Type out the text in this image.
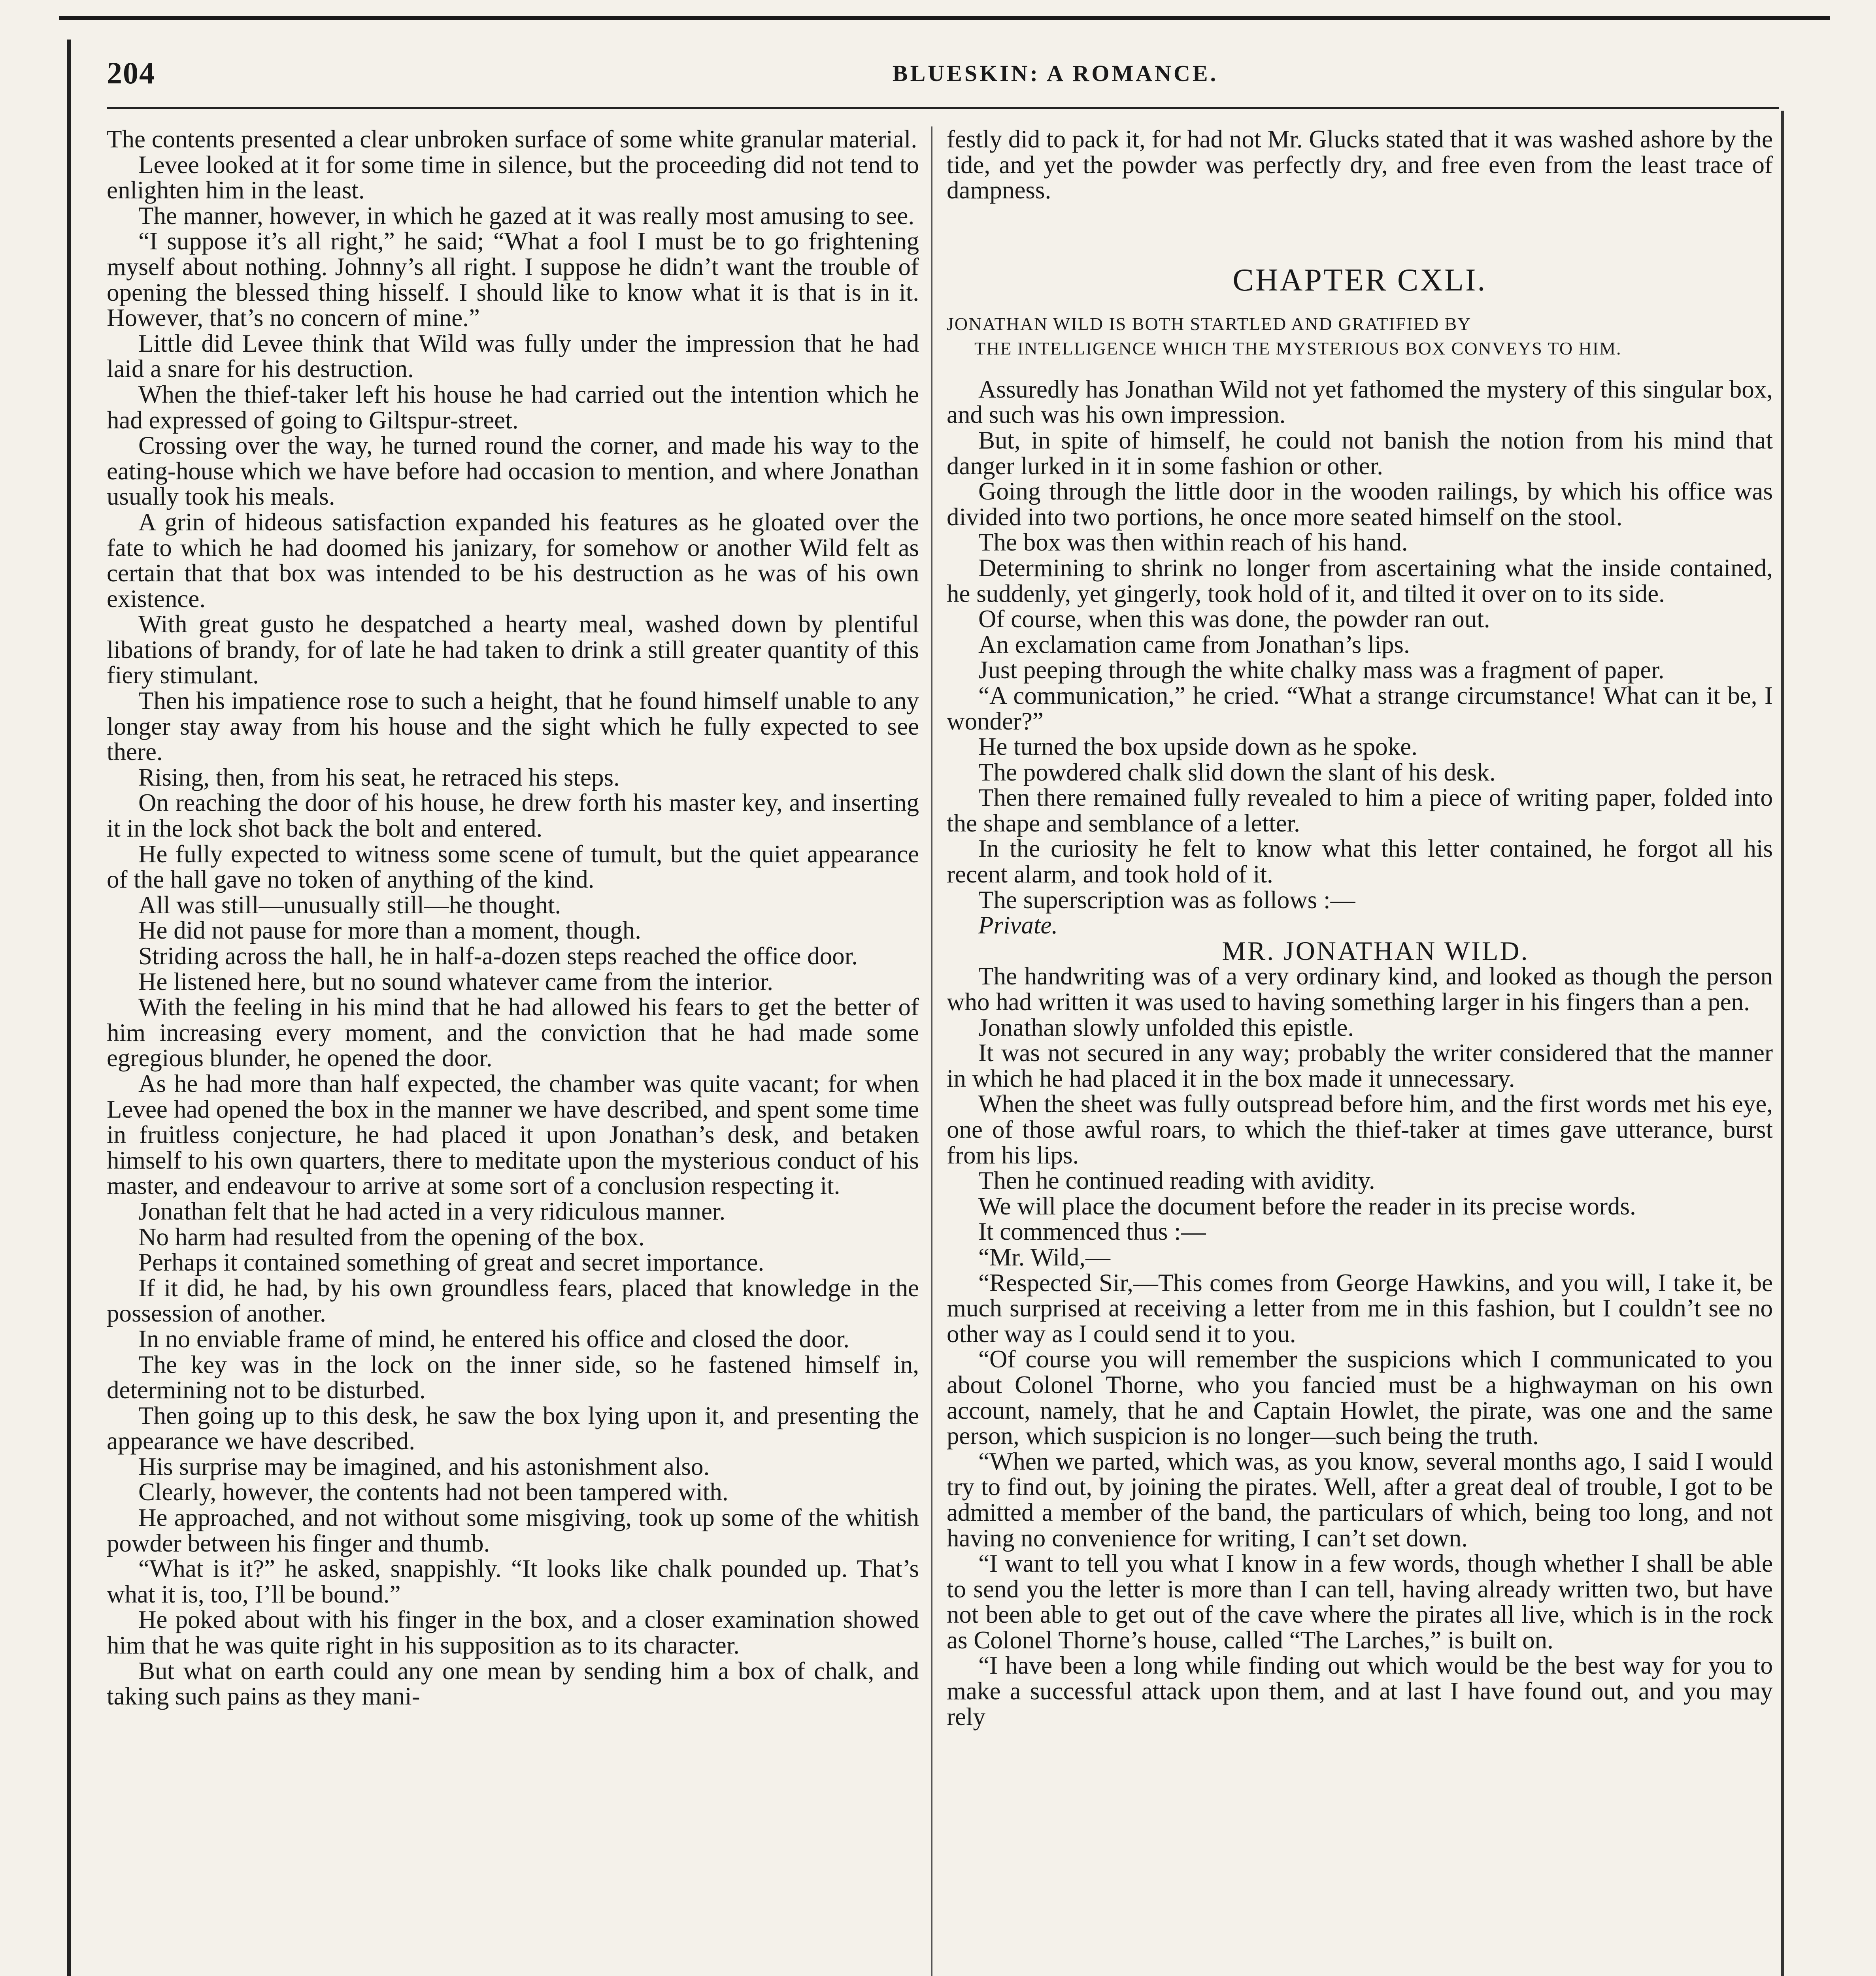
204	BLUESKIN: A ROMANCE.

The contents presented a clear unbroken surface of some white granular material.

Levee looked at it for some time in silence, but the proceeding did not tend to enlighten him in the least.

The manner, however, in which he gazed at it was really most amusing to see.

“I suppose it’s all right,” he said; “What a fool I must be to go frightening myself about nothing. Johnny’s all right. I suppose he didn’t want the trouble of opening the blessed thing hisself. I should like to know what it is that is in it. However, that’s no concern of mine.”

Little did Levee think that Wild was fully under the impression that he had laid a snare for his destruction.

When the thief-taker left his house he had carried out the intention which he had expressed of going to Giltspur-street.

Crossing over the way, he turned round the corner, and made his way to the eating-house which we have before had occasion to mention, and where Jonathan usually took his meals.

A grin of hideous satisfaction expanded his features as he gloated over the fate to which he had doomed his janizary, for somehow or another Wild felt as certain that that box was intended to be his destruction as he was of his own existence.

With great gusto he despatched a hearty meal, washed down by plentiful libations of brandy, for of late he had taken to drink a still greater quantity of this fiery stimulant.

Then his impatience rose to such a height, that he found himself unable to any longer stay away from his house and the sight which he fully expected to see there.

Rising, then, from his seat, he retraced his steps.

On reaching the door of his house, he drew forth his master key, and inserting it in the lock shot back the bolt and entered.

He fully expected to witness some scene of tumult, but the quiet appearance of the hall gave no token of anything of the kind.

All was still—unusually still—he thought.

He did not pause for more than a moment, though.

Striding across the hall, he in half-a-dozen steps reached the office door.

He listened here, but no sound whatever came from the interior.

With the feeling in his mind that he had allowed his fears to get the better of him increasing every moment, and the conviction that he had made some egregious blunder, he opened the door.

As he had more than half expected, the chamber was quite vacant; for when Levee had opened the box in the manner we have described, and spent some time in fruitless conjecture, he had placed it upon Jonathan’s desk, and betaken himself to his own quarters, there to meditate upon the mysterious conduct of his master, and endeavour to arrive at some sort of a conclusion respecting it.

Jonathan felt that he had acted in a very ridiculous manner.

No harm had resulted from the opening of the box.

Perhaps it contained something of great and secret importance.

If it did, he had, by his own groundless fears, placed that knowledge in the possession of another.

In no enviable frame of mind, he entered his office and closed the door.

The key was in the lock on the inner side, so he fastened himself in, determining not to be disturbed.

Then going up to this desk, he saw the box lying upon it, and presenting the appearance we have described.

His surprise may be imagined, and his astonishment also.

Clearly, however, the contents had not been tampered with.

He approached, and not without some misgiving, took up some of the whitish powder between his finger and thumb.

“What is it?” he asked, snappishly. “It looks like chalk pounded up. That’s what it is, too, I’ll be bound.”

He poked about with his finger in the box, and a closer examination showed him that he was quite right in his supposition as to its character.

But what on earth could any one mean by sending him a box of chalk, and taking such pains as they mani-

festly did to pack it, for had not Mr. Glucks stated that it was washed ashore by the tide, and yet the powder was perfectly dry, and free even from the least trace of dampness.

CHAPTER CXLI.
JONATHAN WILD IS BOTH STARTLED AND GRATIFIED BY
THE INTELLIGENCE WHICH THE MYSTERIOUS BOX CONVEYS TO HIM.

Assuredly has Jonathan Wild not yet fathomed the mystery of this singular box, and such was his own impression.

But, in spite of himself, he could not banish the notion from his mind that danger lurked in it in some fashion or other.

Going through the little door in the wooden railings, by which his office was divided into two portions, he once more seated himself on the stool.

The box was then within reach of his hand.

Determining to shrink no longer from ascertaining what the inside contained, he suddenly, yet gingerly, took hold of it, and tilted it over on to its side.

Of course, when this was done, the powder ran out.

An exclamation came from Jonathan’s lips.

Just peeping through the white chalky mass was a fragment of paper.

“A communication,” he cried. “What a strange circumstance! What can it be, I wonder?”

He turned the box upside down as he spoke.

The powdered chalk slid down the slant of his desk.

Then there remained fully revealed to him a piece of writing paper, folded into the shape and semblance of a letter.

In the curiosity he felt to know what this letter contained, he forgot all his recent alarm, and took hold of it.

The superscription was as follows :—

Private.

MR. JONATHAN WILD.

The handwriting was of a very ordinary kind, and looked as though the person who had written it was used to having something larger in his fingers than a pen.

Jonathan slowly unfolded this epistle.

It was not secured in any way; probably the writer considered that the manner in which he had placed it in the box made it unnecessary.

When the sheet was fully outspread before him, and the first words met his eye, one of those awful roars, to which the thief-taker at times gave utterance, burst from his lips.

Then he continued reading with avidity.

We will place the document before the reader in its precise words.

It commenced thus :—

“Mr. Wild,—

“Respected Sir,—This comes from George Hawkins, and you will, I take it, be much surprised at receiving a letter from me in this fashion, but I couldn’t see no other way as I could send it to you.

“Of course you will remember the suspicions which I communicated to you about Colonel Thorne, who you fancied must be a highwayman on his own account, namely, that he and Captain Howlet, the pirate, was one and the same person, which suspicion is no longer—such being the truth.

“When we parted, which was, as you know, several months ago, I said I would try to find out, by joining the pirates. Well, after a great deal of trouble, I got to be admitted a member of the band, the particulars of which, being too long, and not having no convenience for writing, I can’t set down.

“I want to tell you what I know in a few words, though whether I shall be able to send you the letter is more than I can tell, having already written two, but have not been able to get out of the cave where the pirates all live, which is in the rock as Colonel Thorne’s house, called “The Larches,” is built on.

“I have been a long while finding out which would be the best way for you to make a successful attack upon them, and at last I have found out, and you may rely
